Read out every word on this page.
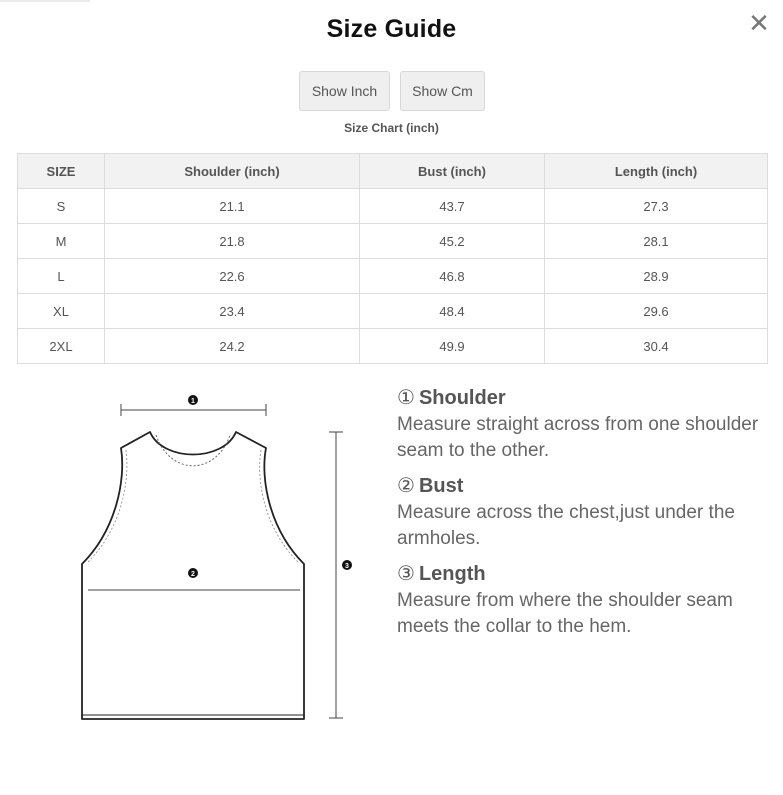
Size Guide	✕
Show Inch	Show Cm
Size Chart (inch)
SIZE	Shoulder (inch)	Bust (inch)	Length (inch)
S	21.1	43.7	27.3
M	21.8	45.2	28.1
L	22.6	46.8	28.9
XL	23.4	48.4	29.6
2XL	24.2	49.9	30.4
1
2
3
① Shoulder
Measure straight across from one shoulder seam to the other.
② Bust
Measure across the chest,just under the armholes.
③ Length
Measure from where the shoulder seam meets the collar to the hem.
